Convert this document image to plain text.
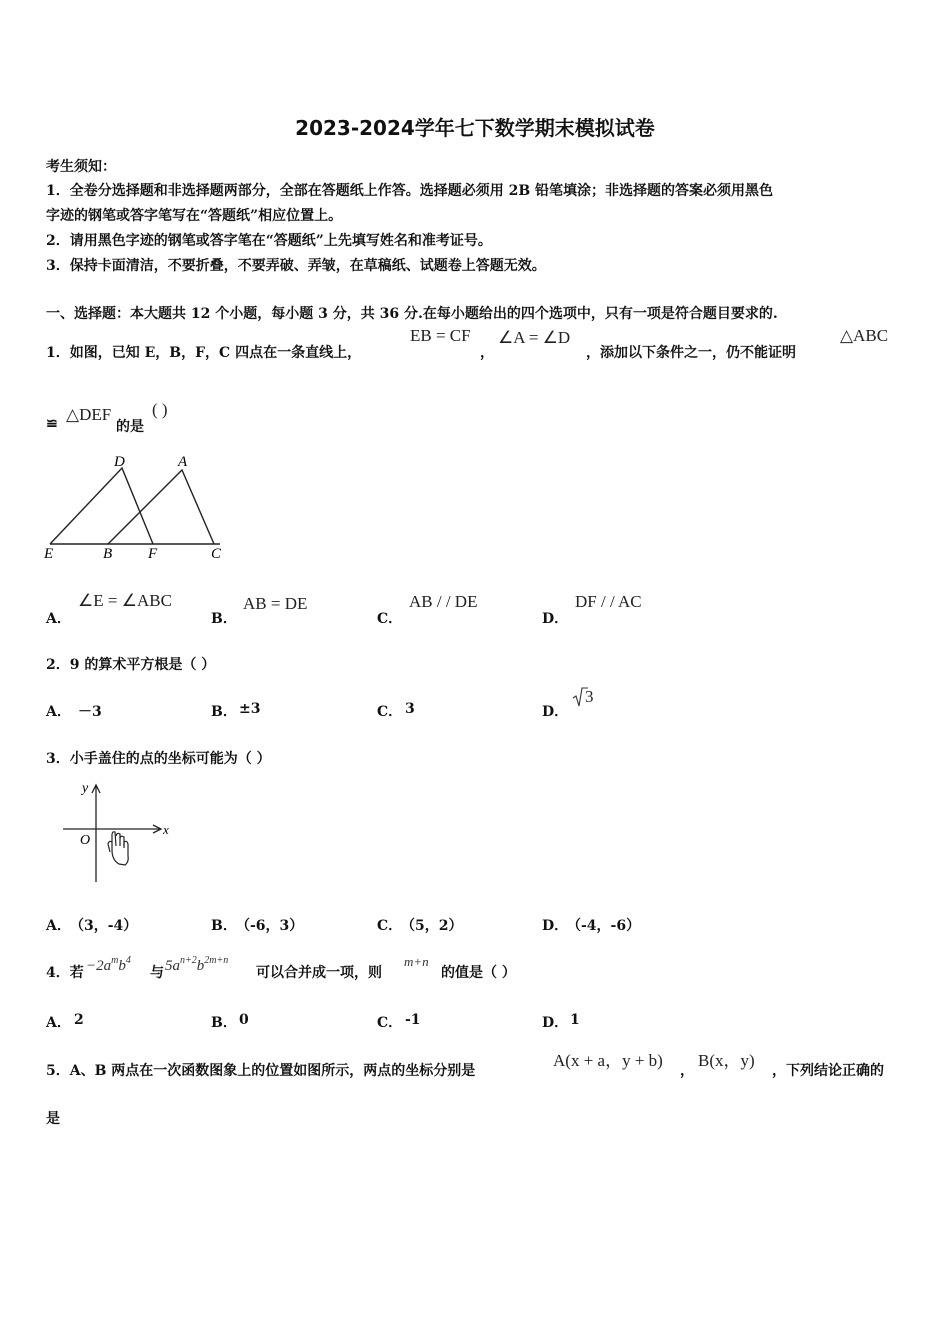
2023-2024学年七下数学期末模拟试卷
考生须知：
1．全卷分选择题和非选择题两部分，全部在答题纸上作答。选择题必须用 2B 铅笔填涂；非选择题的答案必须用黑色
字迹的钢笔或答字笔写在“答题纸”相应位置上。
2．请用黑色字迹的钢笔或答字笔在“答题纸”上先填写姓名和准考证号。
3．保持卡面清洁，不要折叠，不要弄破、弄皱，在草稿纸、试题卷上答题无效。
一、选择题：本大题共 12 个小题，每小题 3 分，共 36 分.在每小题给出的四个选项中，只有一项是符合题目要求的.
1．如图，已知 E，B，F，C 四点在一条直线上，
EB = CF
，
∠A = ∠D
，添加以下条件之一，仍不能证明
△ABC
≌ △DEF
的是
( )
D	A
E	B F	C
A．
∠E = ∠ABC
B．
AB = DE
C．
AB / / DE
D．
DF / / AC
2．9 的算术平方根是（ ）
A． －3	B． ±3	C． 3	D．
3
3．小手盖住的点的坐标可能为（ ）
y
x
O
A． （3，-4）	B． （-6，3）	C．
（5，2）	D．
（-4，-6）
4．若 $-2a^mb^4$
与 $5a^{n+2}b^{2m+n}$
可以合并成一项，则
m+n
的值是（ ）
A． 2	B． 0	C． -1	D． 1
5．A、B 两点在一次函数图象上的位置如图所示，两点的坐标分别是
A(x + a，y + b)
，
B(x，y)
，下列结论正确的
是
